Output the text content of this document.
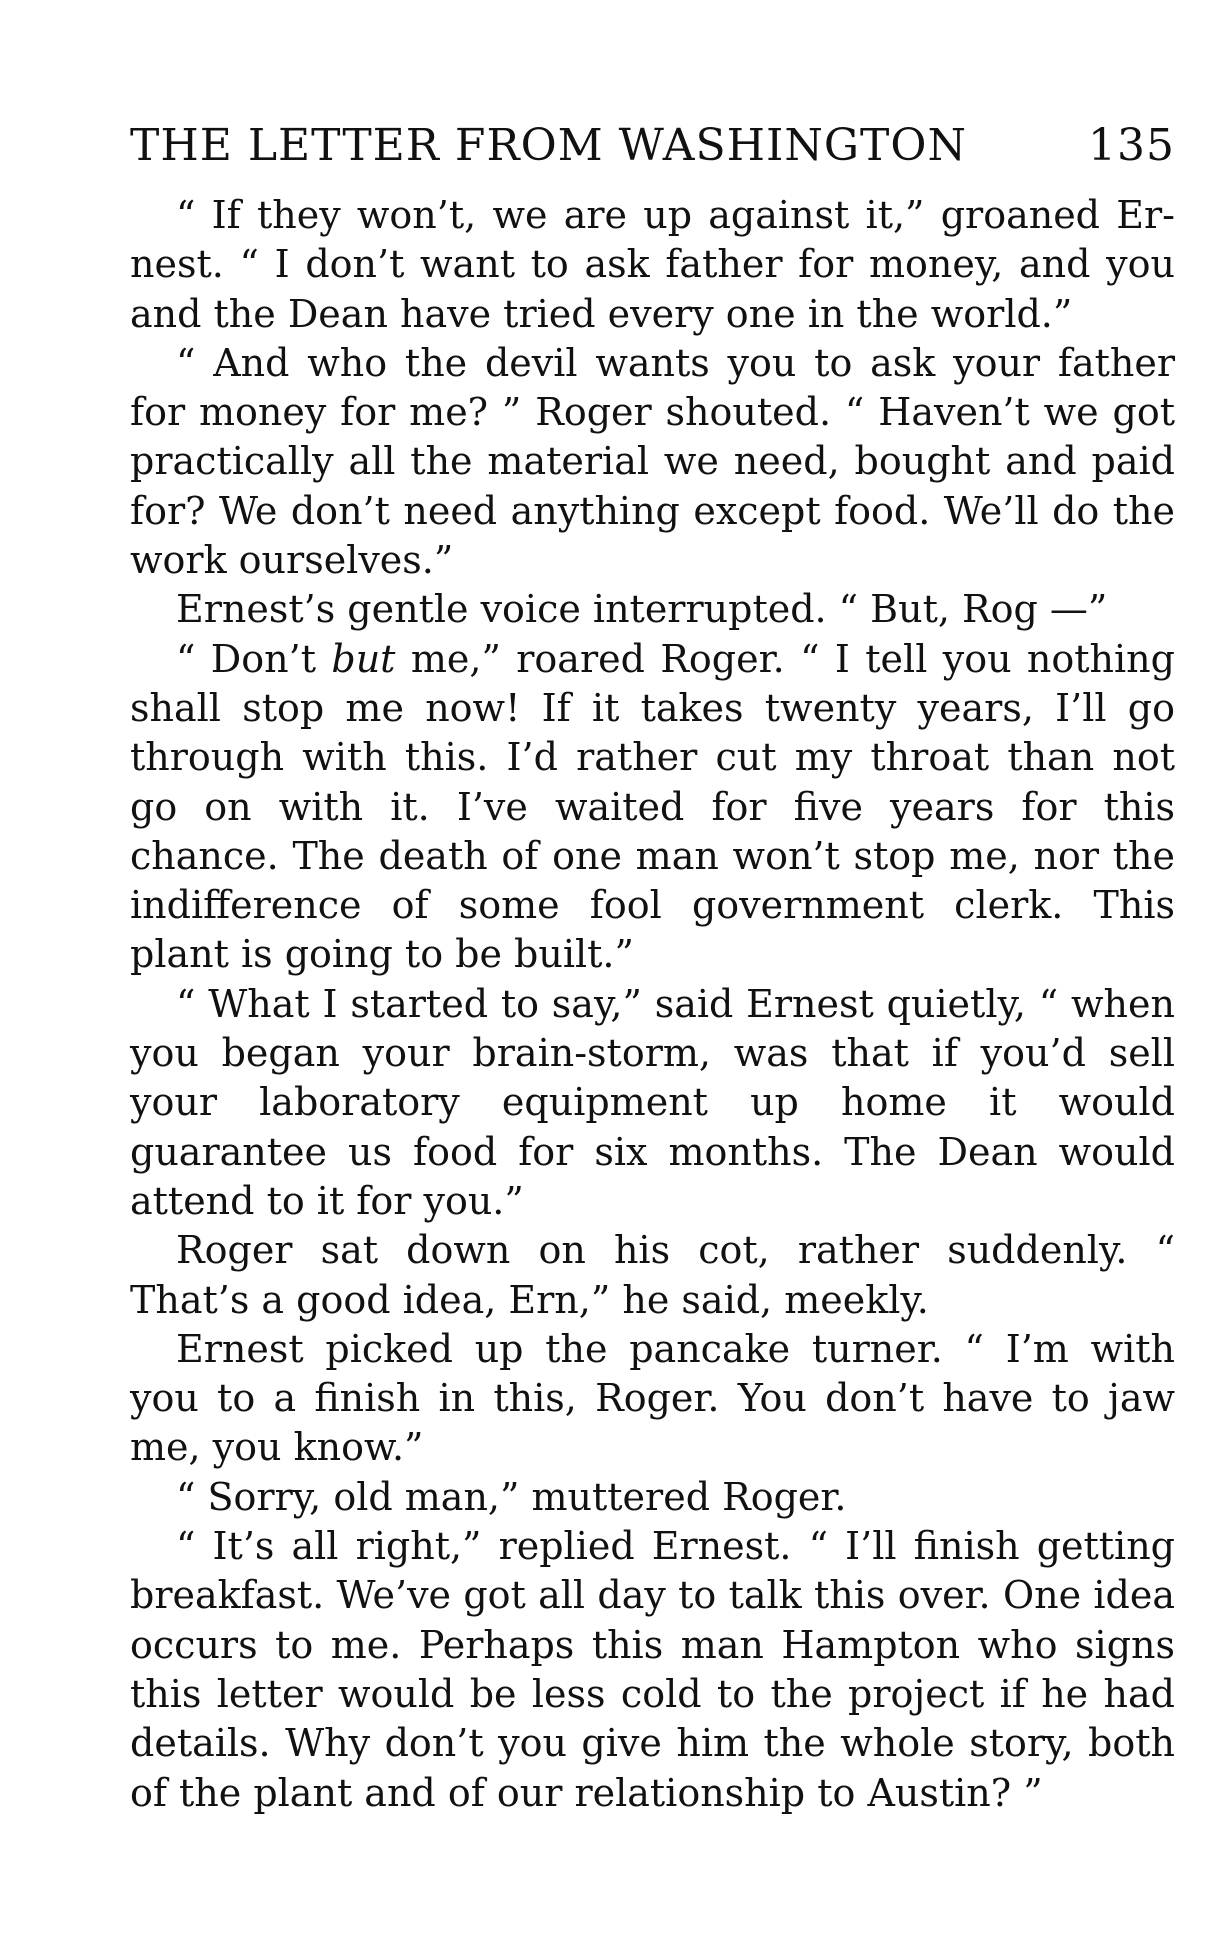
THE LETTER FROM WASHINGTON	135

“ If they won’t, we are up against it,” groaned Ernest. “ I don’t want to ask father for money, and you and the Dean have tried every one in the world.”

“ And who the devil wants you to ask your father for money for me? ” Roger shouted. “ Haven’t we got practically all the material we need, bought and paid for? We don’t need anything except food. We’ll do the work ourselves.”

Ernest’s gentle voice interrupted. “ But, Rog —”

“ Don’t but me,” roared Roger. “ I tell you nothing shall stop me now! If it takes twenty years, I’ll go through with this. I’d rather cut my throat than not go on with it. I’ve waited for five years for this chance. The death of one man won’t stop me, nor the indifference of some fool government clerk. This plant is going to be built.”

“ What I started to say,” said Ernest quietly, “ when you began your brain-storm, was that if you’d sell your laboratory equipment up home it would guarantee us food for six months. The Dean would attend to it for you.”

Roger sat down on his cot, rather suddenly. “ That’s a good idea, Ern,” he said, meekly.

Ernest picked up the pancake turner. “ I’m with you to a finish in this, Roger. You don’t have to jaw me, you know.”

“ Sorry, old man,” muttered Roger.

“ It’s all right,” replied Ernest. “ I’ll finish getting breakfast. We’ve got all day to talk this over. One idea occurs to me. Perhaps this man Hampton who signs this letter would be less cold to the project if he had details. Why don’t you give him the whole story, both of the plant and of our relationship to Austin? ”
